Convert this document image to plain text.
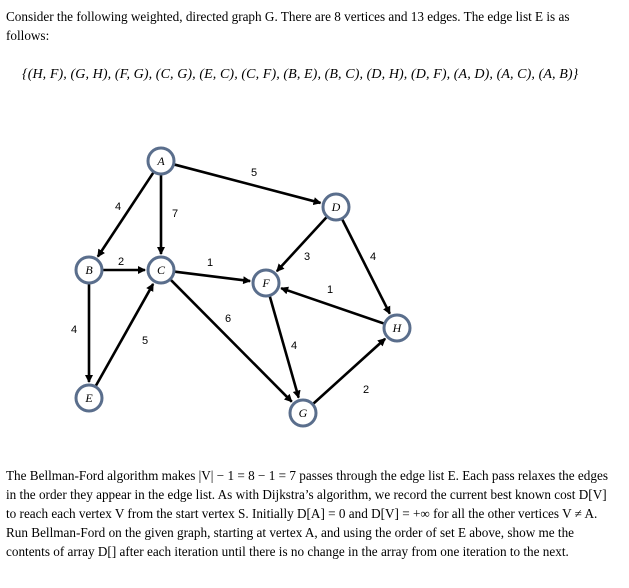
Consider the following weighted, directed graph G. There are 8 vertices and 13 edges. The edge list E is as follows:
{(H, F), (G, H), (F, G), (C, G), (E, C), (C, F), (B, E), (B, C), (D, H), (D, F), (A, D), (A, C), (A, B)}
1
2
4
6
5
1
4
2	4
3
5
7
4
A
B	C
D
E
F
G
H
The Bellman-Ford algorithm makes |V| − 1 = 8 − 1 = 7 passes through the edge list E. Each pass relaxes the edges in the order they appear in the edge list. As with Dijkstra’s algorithm, we record the current best known cost D[V] to reach each vertex V from the start vertex S. Initially D[A] = 0 and D[V] = +∞ for all the other vertices V ≠ A. Run Bellman-Ford on the given graph, starting at vertex A, and using the order of set E above, show me the contents of array D[] after each iteration until there is no change in the array from one iteration to the next.
